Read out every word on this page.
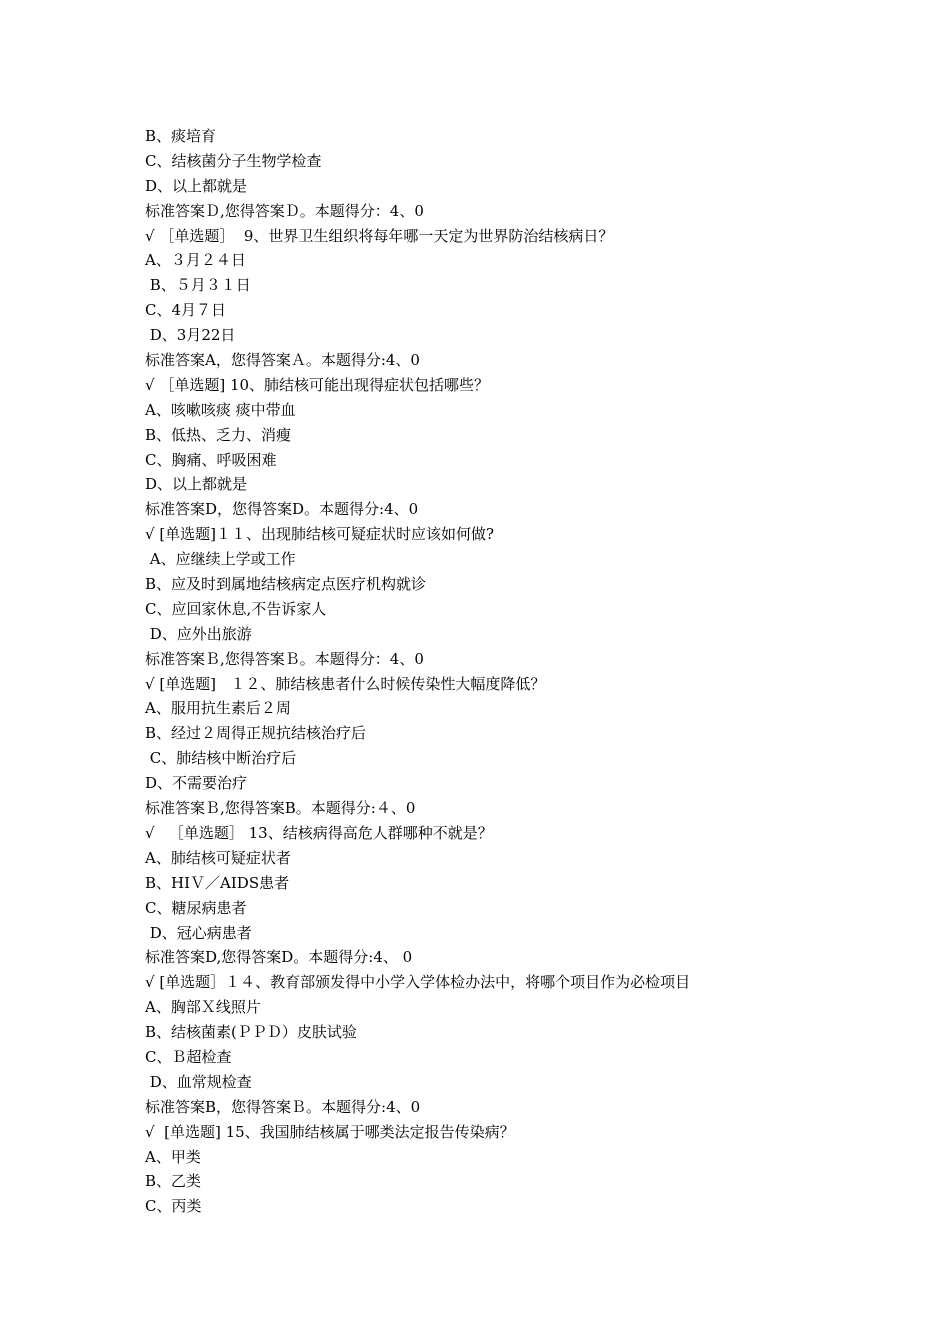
B、痰培育
C、结核菌分子生物学检查
D、以上都就是
标准答案Ｄ,您得答案Ｄ。本题得分：4、0
√ ［单选题］  9、世界卫生组织将每年哪一天定为世界防治结核病日？
A、３月２４日
B、５月３１日
C、4月７日
D、3月22日
标准答案A，您得答案Ａ。本题得分:4、0
√ ［单选题] 10、肺结核可能出现得症状包括哪些？
A、咳嗽咳痰 痰中带血
B、低热、乏力、消瘦
C、胸痛、呼吸困难
D、以上都就是
标准答案D，您得答案D。本题得分:4、0
√ [单选题]１１、出现肺结核可疑症状时应该如何做?
A、应继续上学或工作
B、应及时到属地结核病定点医疗机构就诊
C、应回家休息,不告诉家人
D、应外出旅游
标准答案Ｂ,您得答案Ｂ。本题得分：4、0
√ [单选题]   １２、肺结核患者什么时候传染性大幅度降低？
A、服用抗生素后２周
B、经过２周得正规抗结核治疗后
C、肺结核中断治疗后
D、不需要治疗
标准答案Ｂ,您得答案B。本题得分:４、0
√   ［单选题］ 13、结核病得高危人群哪种不就是？
A、肺结核可疑症状者
B、HIＶ／AIDS患者
C、糖尿病患者
D、冠心病患者
标准答案D,您得答案D。本题得分:4、 0
√ [单选题］１４、教育部颁发得中小学入学体检办法中，将哪个项目作为必检项目
A、胸部Ｘ线照片
B、结核菌素(ＰＰＤ）皮肤试验
C、Ｂ超检查
D、血常规检查
标准答案B，您得答案Ｂ。本题得分:4、0
√  [单选题] 15、我国肺结核属于哪类法定报告传染病？
A、甲类
B、乙类
C、丙类
